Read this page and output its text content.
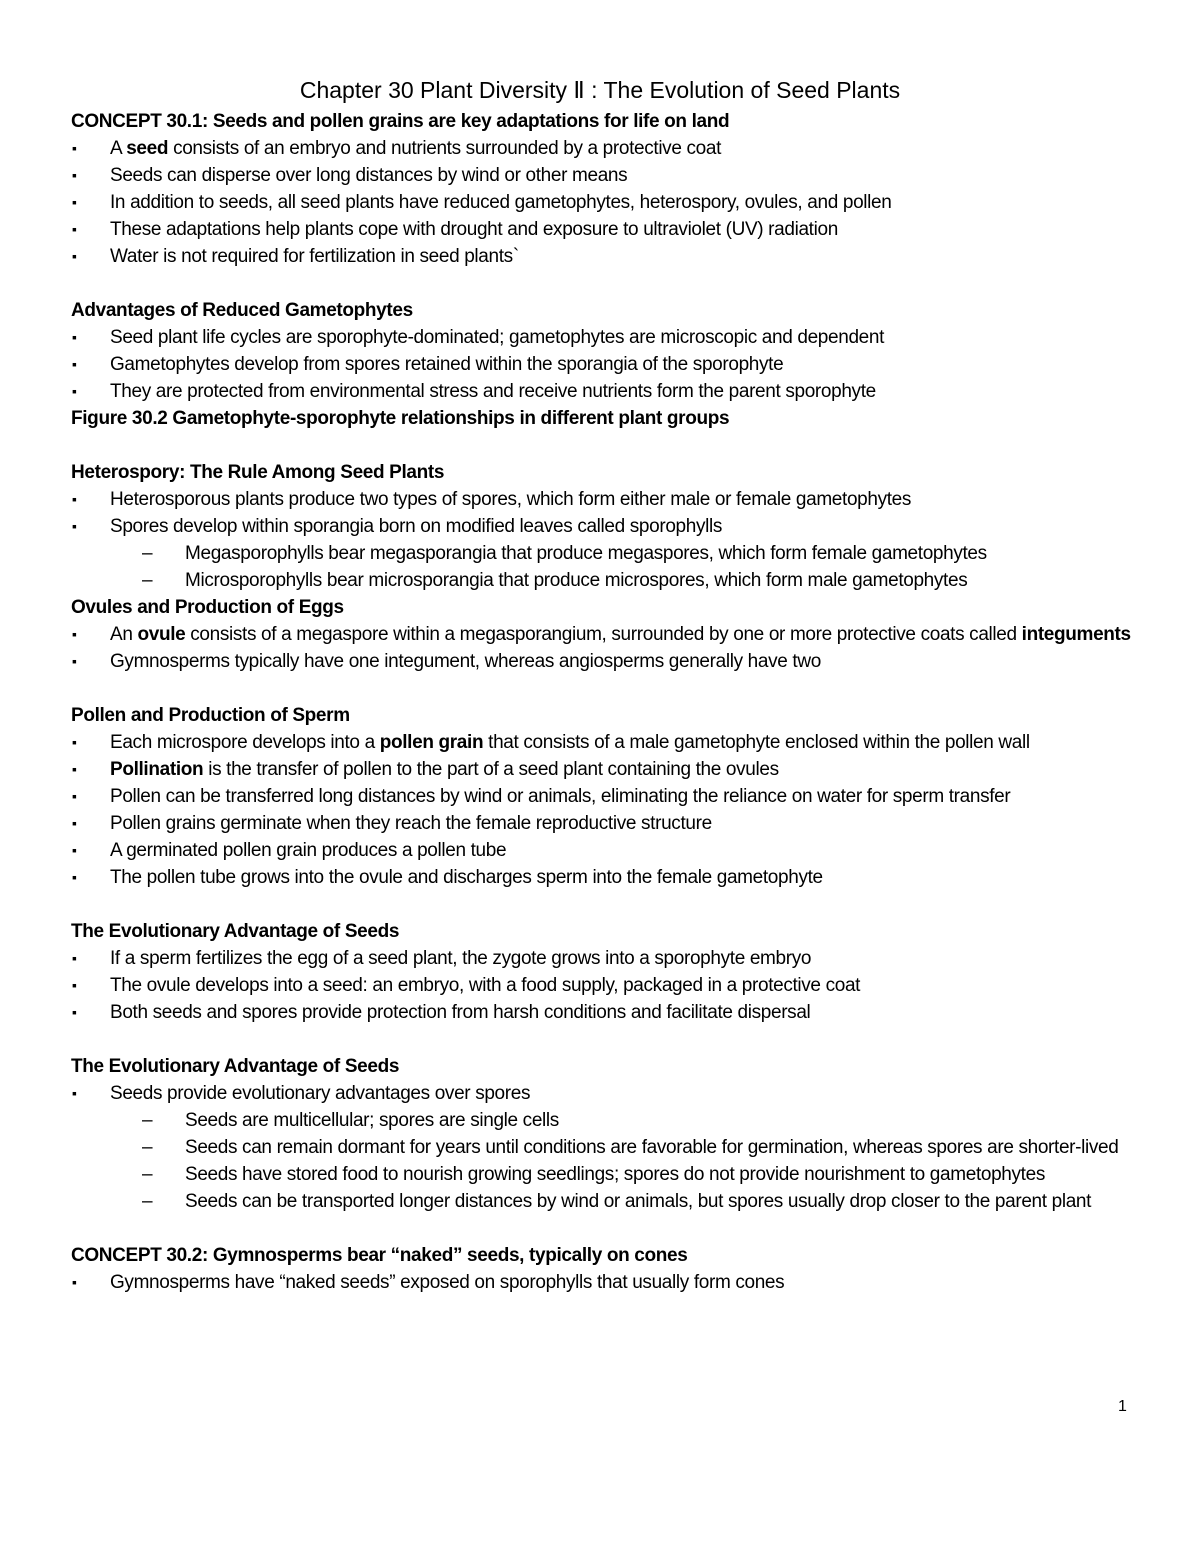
Chapter 30 Plant Diversity Ⅱ : The Evolution of Seed Plants

CONCEPT 30.1: Seeds and pollen grains are key adaptations for life on land

▪ A seed consists of an embryo and nutrients surrounded by a protective coat

▪ Seeds can disperse over long distances by wind or other means

▪ In addition to seeds, all seed plants have reduced gametophytes, heterospory, ovules, and pollen

▪ These adaptations help plants cope with drought and exposure to ultraviolet (UV) radiation

▪ Water is not required for fertilization in seed plants`

Advantages of Reduced Gametophytes

▪ Seed plant life cycles are sporophyte-dominated; gametophytes are microscopic and dependent

▪ Gametophytes develop from spores retained within the sporangia of the sporophyte

▪ They are protected from environmental stress and receive nutrients form the parent sporophyte

Figure 30.2 Gametophyte-sporophyte relationships in different plant groups

Heterospory: The Rule Among Seed Plants

▪ Heterosporous plants produce two types of spores, which form either male or female gametophytes

▪ Spores develop within sporangia born on modified leaves called sporophylls

– Megasporophylls bear megasporangia that produce megaspores, which form female gametophytes

– Microsporophylls bear microsporangia that produce microspores, which form male gametophytes

Ovules and Production of Eggs

▪ An ovule consists of a megaspore within a megasporangium, surrounded by one or more protective coats called integuments

▪ Gymnosperms typically have one integument, whereas angiosperms generally have two

Pollen and Production of Sperm

▪ Each microspore develops into a pollen grain that consists of a male gametophyte enclosed within the pollen wall

▪ Pollination is the transfer of pollen to the part of a seed plant containing the ovules

▪ Pollen can be transferred long distances by wind or animals, eliminating the reliance on water for sperm transfer

▪ Pollen grains germinate when they reach the female reproductive structure

▪ A germinated pollen grain produces a pollen tube

▪ The pollen tube grows into the ovule and discharges sperm into the female gametophyte

The Evolutionary Advantage of Seeds

▪ If a sperm fertilizes the egg of a seed plant, the zygote grows into a sporophyte embryo

▪ The ovule develops into a seed: an embryo, with a food supply, packaged in a protective coat

▪ Both seeds and spores provide protection from harsh conditions and facilitate dispersal

The Evolutionary Advantage of Seeds

▪ Seeds provide evolutionary advantages over spores

– Seeds are multicellular; spores are single cells

– Seeds can remain dormant for years until conditions are favorable for germination, whereas spores are shorter-lived

– Seeds have stored food to nourish growing seedlings; spores do not provide nourishment to gametophytes

– Seeds can be transported longer distances by wind or animals, but spores usually drop closer to the parent plant

CONCEPT 30.2: Gymnosperms bear “naked” seeds, typically on cones

▪ Gymnosperms have “naked seeds” exposed on sporophylls that usually form cones

1
